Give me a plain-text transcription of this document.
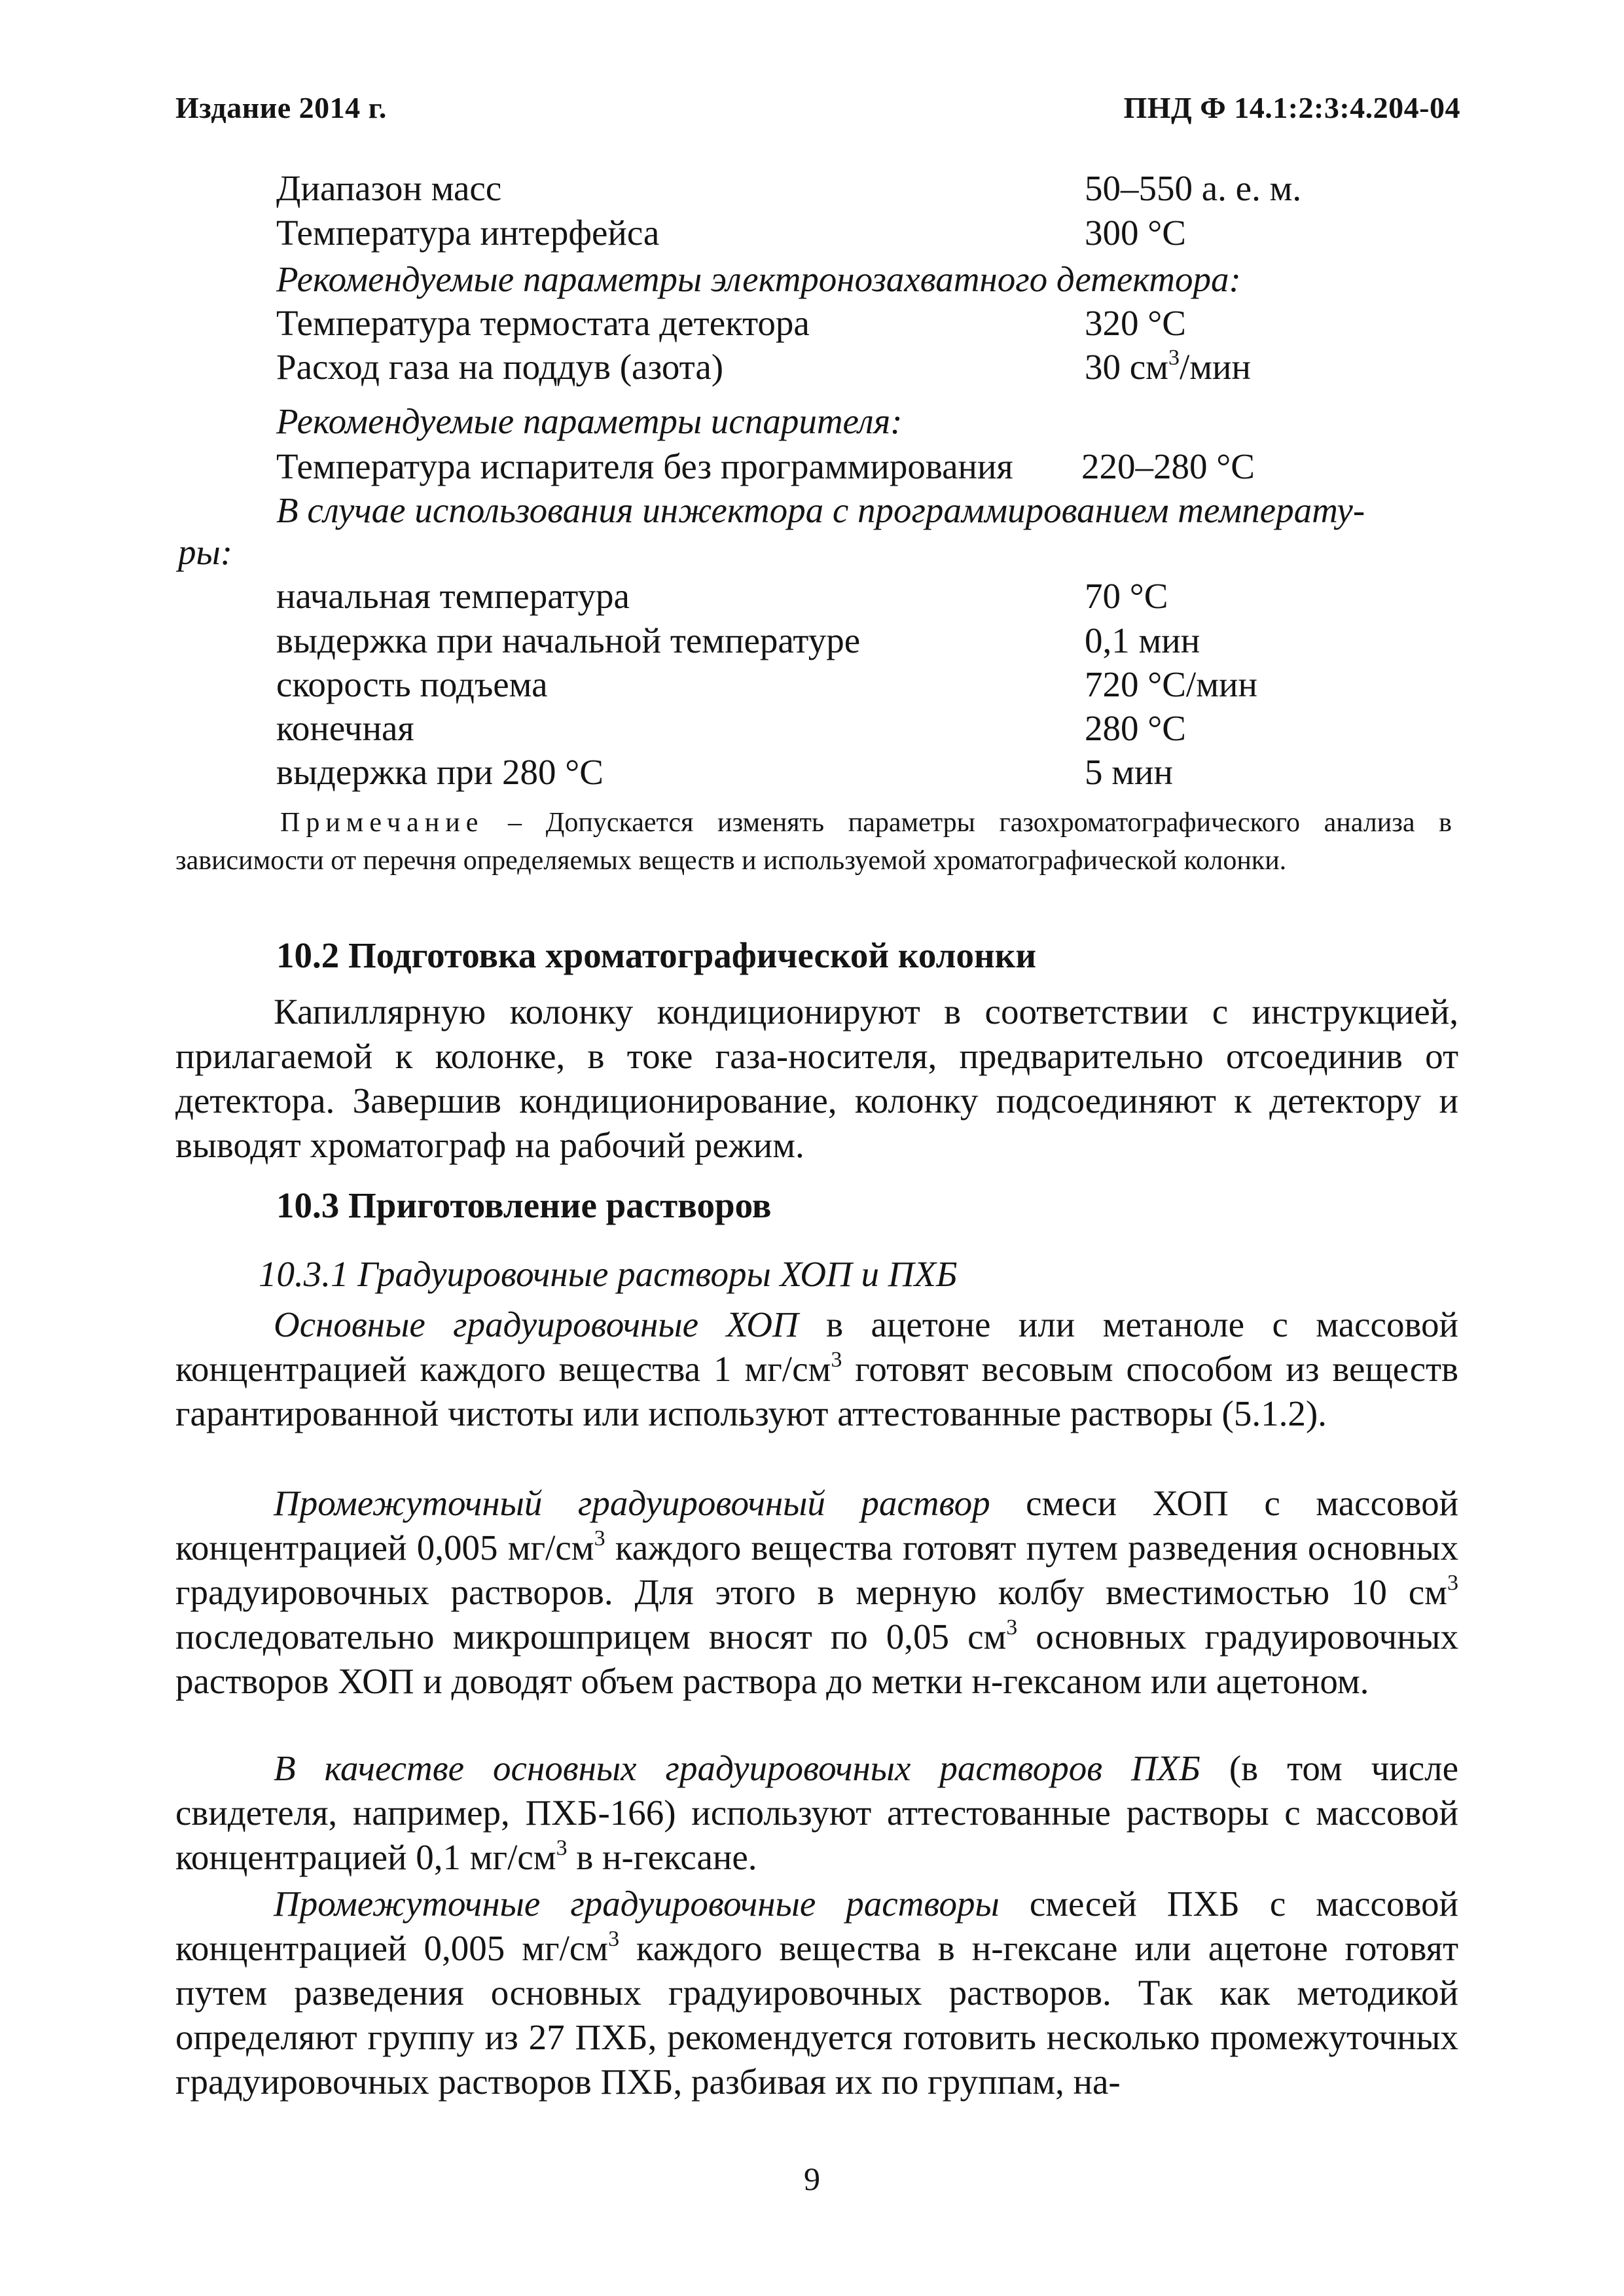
Издание 2014 г.	ПНД Ф 14.1:2:3:4.204-04
Диапазон масс	50–550 а. е. м.
Температура интерфейса	300 °С
Рекомендуемые параметры электронозахватного детектора:
Температура термостата детектора	320 °С
Расход газа на поддув (азота)	30 $см^3$/мин
Рекомендуемые параметры испарителя:
Температура испарителя без программирования 220–280 °С
В случае использования инжектора с программированием температу-
ры:
начальная температура	70 °С
выдержка при начальной температуре	0,1 мин
скорость подъема	720 °С/мин
конечная	280 °С
выдержка при 280 °С	5 мин

Примечание – Допускается изменять параметры газохроматографического анализа в зависимости от перечня определяемых веществ и используемой хроматографической колонки.

10.2 Подготовка хроматографической колонки

Капиллярную колонку кондиционируют в соответствии с инструкцией, прилагаемой к колонке, в токе газа-носителя, предварительно отсоединив от детектора. Завершив кондиционирование, колонку подсоединяют к детектору и выводят хроматограф на рабочий режим.

10.3 Приготовление растворов
10.3.1 Градуировочные растворы ХОП и ПХБ

Основные градуировочные ХОП в ацетоне или метаноле с массовой концентрацией каждого вещества 1 $мг/см^3$ готовят весовым способом из веществ гарантированной чистоты или используют аттестованные растворы (5.1.2).

Промежуточный градуировочный раствор смеси ХОП с массовой концентрацией 0,005 $мг/см^3$ каждого вещества готовят путем разведения основных градуировочных растворов. Для этого в мерную колбу вместимостью 10 $см^3$ последовательно микрошприцем вносят по 0,05 $см^3$ основных градуировочных растворов ХОП и доводят объем раствора до метки н-гексаном или ацетоном.

В качестве основных градуировочных растворов ПХБ (в том числе свидетеля, например, ПХБ-166) используют аттестованные растворы с массовой концентрацией 0,1 $мг/см^3$ в н-гексане.

Промежуточные градуировочные растворы смесей ПХБ с массовой концентрацией 0,005 $мг/см^3$ каждого вещества в н-гексане или ацетоне готовят путем разведения основных градуировочных растворов. Так как методикой определяют группу из 27 ПХБ, рекомендуется готовить несколько промежуточных градуировочных растворов ПХБ, разбивая их по группам, на-

9
